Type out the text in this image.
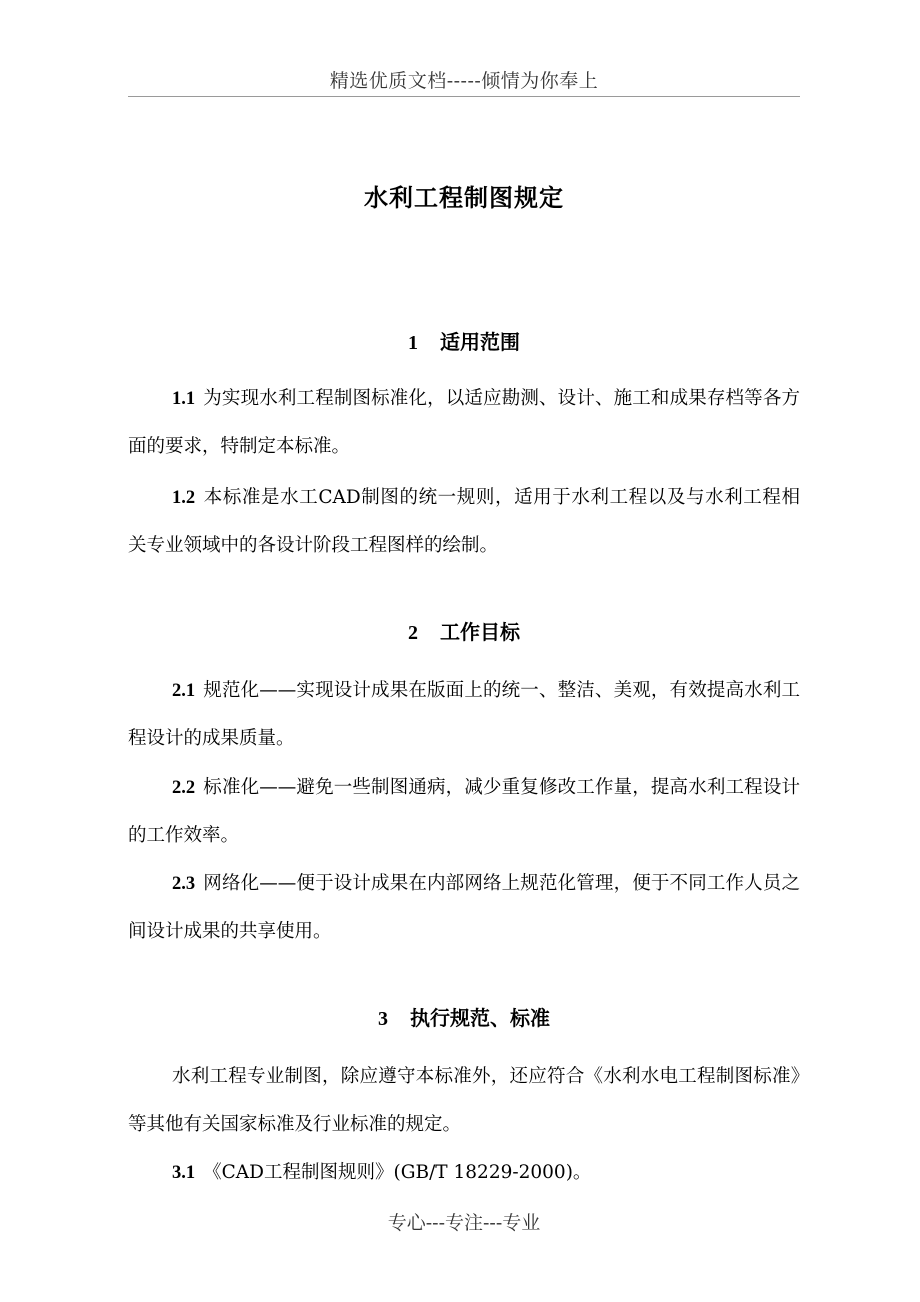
精选优质文档-----倾情为你奉上
水利工程制图规定
1 适用范围
1.1 为实现水利工程制图标准化，以适应勘测、设计、施工和成果存档等各方面的要求，特制定本标准。
1.2 本标准是水工CAD制图的统一规则，适用于水利工程以及与水利工程相关专业领域中的各设计阶段工程图样的绘制。
2 工作目标
2.1 规范化——实现设计成果在版面上的统一、整洁、美观，有效提高水利工程设计的成果质量。
2.2 标准化——避免一些制图通病，减少重复修改工作量，提高水利工程设计的工作效率。
2.3 网络化——便于设计成果在内部网络上规范化管理，便于不同工作人员之间设计成果的共享使用。
3 执行规范、标准
水利工程专业制图，除应遵守本标准外，还应符合《水利水电工程制图标准》等其他有关国家标准及行业标准的规定。
3.1 《CAD工程制图规则》(GB/T 18229-2000)。
专心---专注---专业
